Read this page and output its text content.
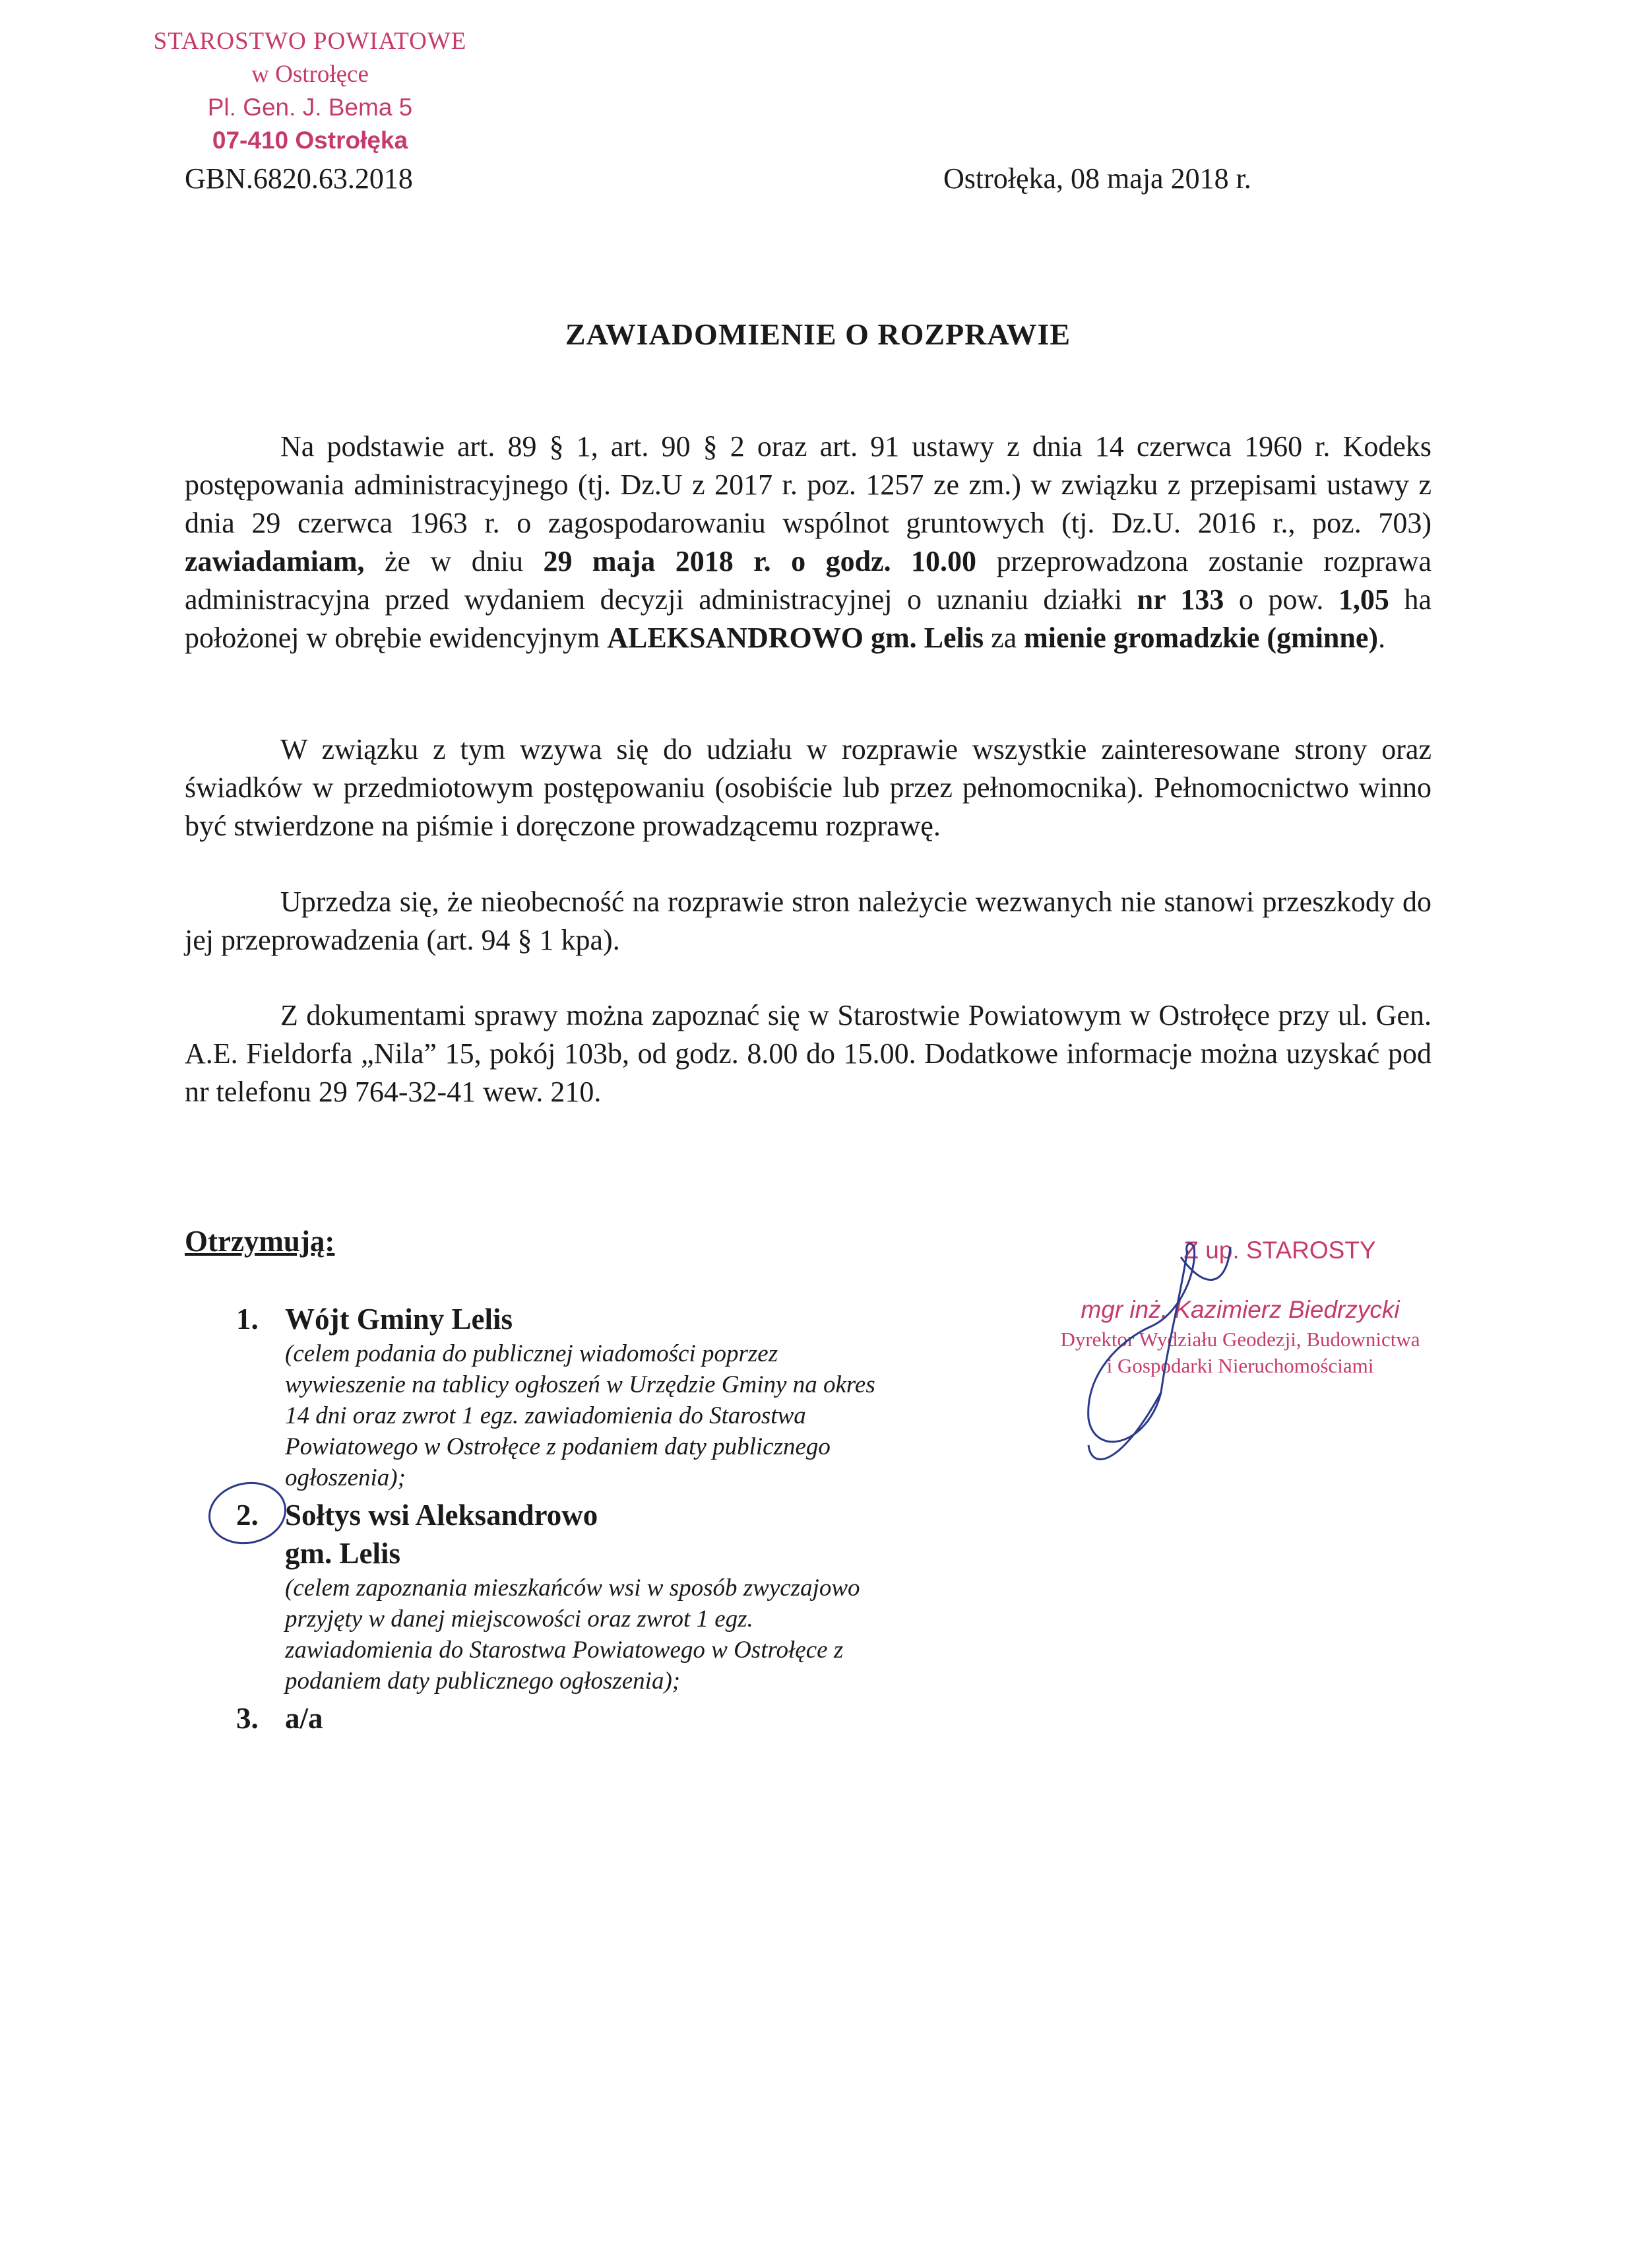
STAROSTWO POWIATOWE
w Ostrołęce
Pl. Gen. J. Bema 5
07-410 Ostrołęka
GBN.6820.63.2018	Ostrołęka, 08 maja 2018 r.
ZAWIADOMIENIE O ROZPRAWIE
Na podstawie art. 89 § 1, art. 90 § 2 oraz art. 91 ustawy z dnia 14 czerwca 1960 r. Kodeks postępowania administracyjnego (tj. Dz.U z 2017 r. poz. 1257 ze zm.) w związku z przepisami ustawy z dnia 29 czerwca 1963 r. o zagospodarowaniu wspólnot gruntowych (tj. Dz.U. 2016 r., poz. 703) zawiadamiam, że w dniu 29 maja 2018 r. o godz. 10.00 przeprowadzona zostanie rozprawa administracyjna przed wydaniem decyzji administracyjnej o uznaniu działki nr 133 o pow. 1,05 ha położonej w obrębie ewidencyjnym ALEKSANDROWO gm. Lelis za mienie gromadzkie (gminne).
W związku z tym wzywa się do udziału w rozprawie wszystkie zainteresowane strony oraz świadków w przedmiotowym postępowaniu (osobiście lub przez pełnomocnika). Pełnomocnictwo winno być stwierdzone na piśmie i doręczone prowadzącemu rozprawę.
Uprzedza się, że nieobecność na rozprawie stron należycie wezwanych nie stanowi przeszkody do jej przeprowadzenia (art. 94 § 1 kpa).
Z dokumentami sprawy można zapoznać się w Starostwie Powiatowym w Ostrołęce przy ul. Gen. A.E. Fieldorfa „Nila” 15, pokój 103b, od godz. 8.00 do 15.00. Dodatkowe informacje można uzyskać pod nr telefonu 29 764-32-41 wew. 210.
Otrzymują:
1. Wójt Gminy Lelis
(celem podania do publicznej wiadomości poprzez wywieszenie na tablicy ogłoszeń w Urzędzie Gminy na okres 14 dni oraz zwrot 1 egz. zawiadomienia do Starostwa Powiatowego w Ostrołęce z podaniem daty publicznego ogłoszenia);
2. Sołtys wsi Aleksandrowo
gm. Lelis
(celem zapoznania mieszkańców wsi w sposób zwyczajowo przyjęty w danej miejscowości oraz zwrot 1 egz. zawiadomienia do Starostwa Powiatowego w Ostrołęce z podaniem daty publicznego ogłoszenia);
3. a/a
Z up. STAROSTY
mgr inż. Kazimierz Biedrzycki
Dyrektor Wydziału Geodezji, Budownictwa
i Gospodarki Nieruchomościami
